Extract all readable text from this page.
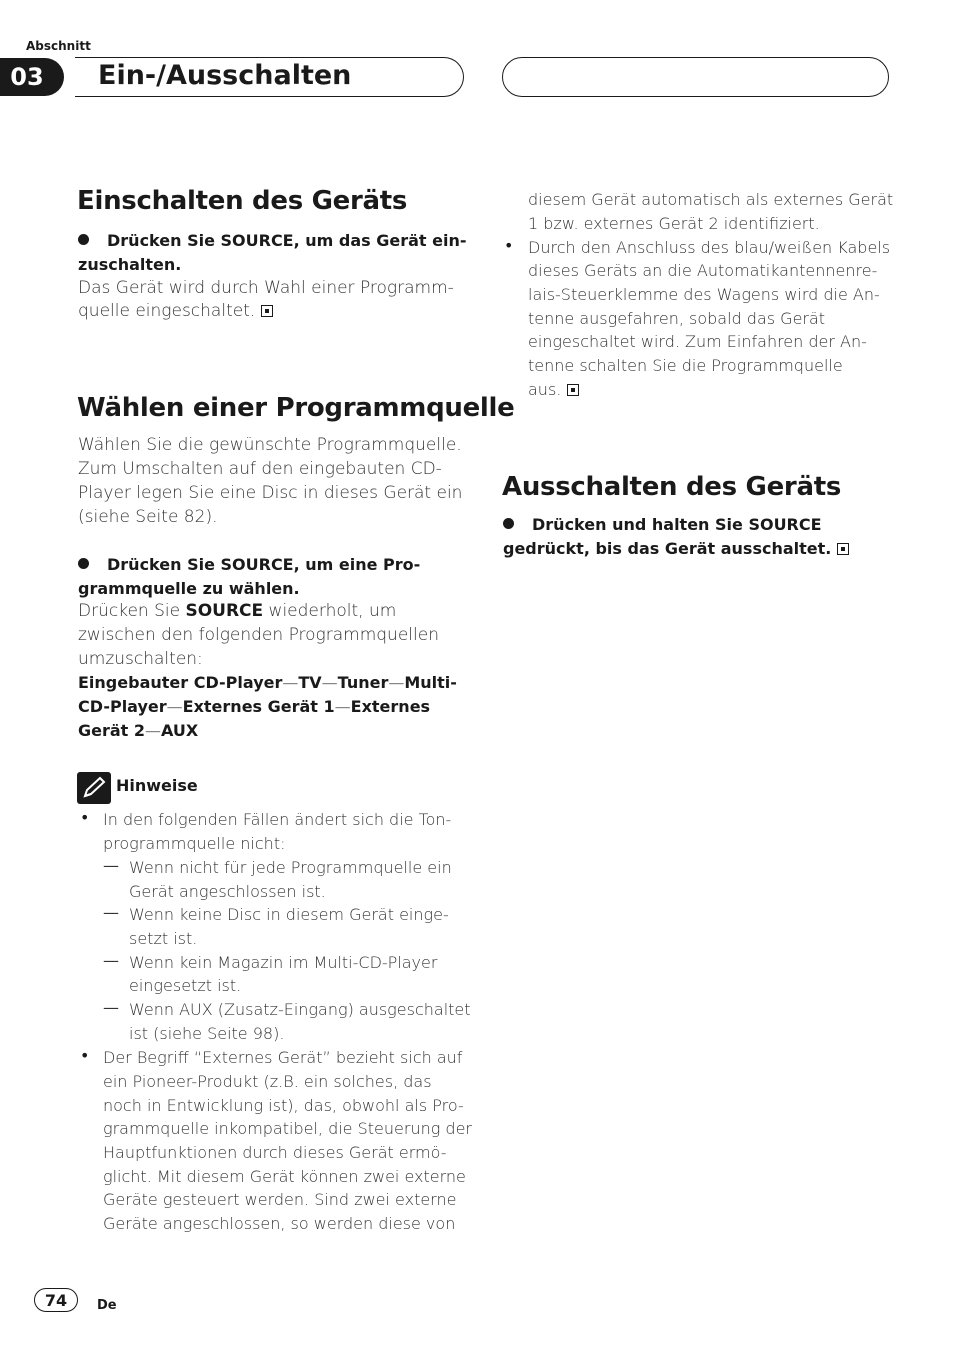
Abschnitt
03	Ein-/Ausschalten
Einschalten des Geräts
Drücken Sie SOURCE, um das Gerät ein-
zuschalten.
Das Gerät wird durch Wahl einer Programm-
quelle eingeschaltet.
Wählen einer Programmquelle
Wählen Sie die gewünschte Programmquelle.
Zum Umschalten auf den eingebauten CD-
Player legen Sie eine Disc in dieses Gerät ein
(siehe Seite 82).
Drücken Sie SOURCE, um eine Pro-
grammquelle zu wählen.
Drücken Sie SOURCE wiederholt, um
zwischen den folgenden Programmquellen
umzuschalten:
Eingebauter CD-Player—TV—Tuner—Multi-
CD-Player—Externes Gerät 1—Externes
Gerät 2—AUX
Hinweise
• In den folgenden Fällen ändert sich die Ton-
programmquelle nicht:
— Wenn nicht für jede Programmquelle ein
Gerät angeschlossen ist.
— Wenn keine Disc in diesem Gerät einge-
setzt ist.
— Wenn kein Magazin im Multi-CD-Player
eingesetzt ist.
— Wenn AUX (Zusatz-Eingang) ausgeschaltet
ist (siehe Seite 98).
• Der Begriff “Externes Gerät” bezieht sich auf
ein Pioneer-Produkt (z.B. ein solches, das
noch in Entwicklung ist), das, obwohl als Pro-
grammquelle inkompatibel, die Steuerung der
Hauptfunktionen durch dieses Gerät ermö-
glicht. Mit diesem Gerät können zwei externe
Geräte gesteuert werden. Sind zwei externe
Geräte angeschlossen, so werden diese von
diesem Gerät automatisch als externes Gerät
1 bzw. externes Gerät 2 identifiziert.
• Durch den Anschluss des blau/weißen Kabels
dieses Geräts an die Automatikantennenre-
lais-Steuerklemme des Wagens wird die An-
tenne ausgefahren, sobald das Gerät
eingeschaltet wird. Zum Einfahren der An-
tenne schalten Sie die Programmquelle
aus.
Ausschalten des Geräts
Drücken und halten Sie SOURCE
gedrückt, bis das Gerät ausschaltet.
74	De
